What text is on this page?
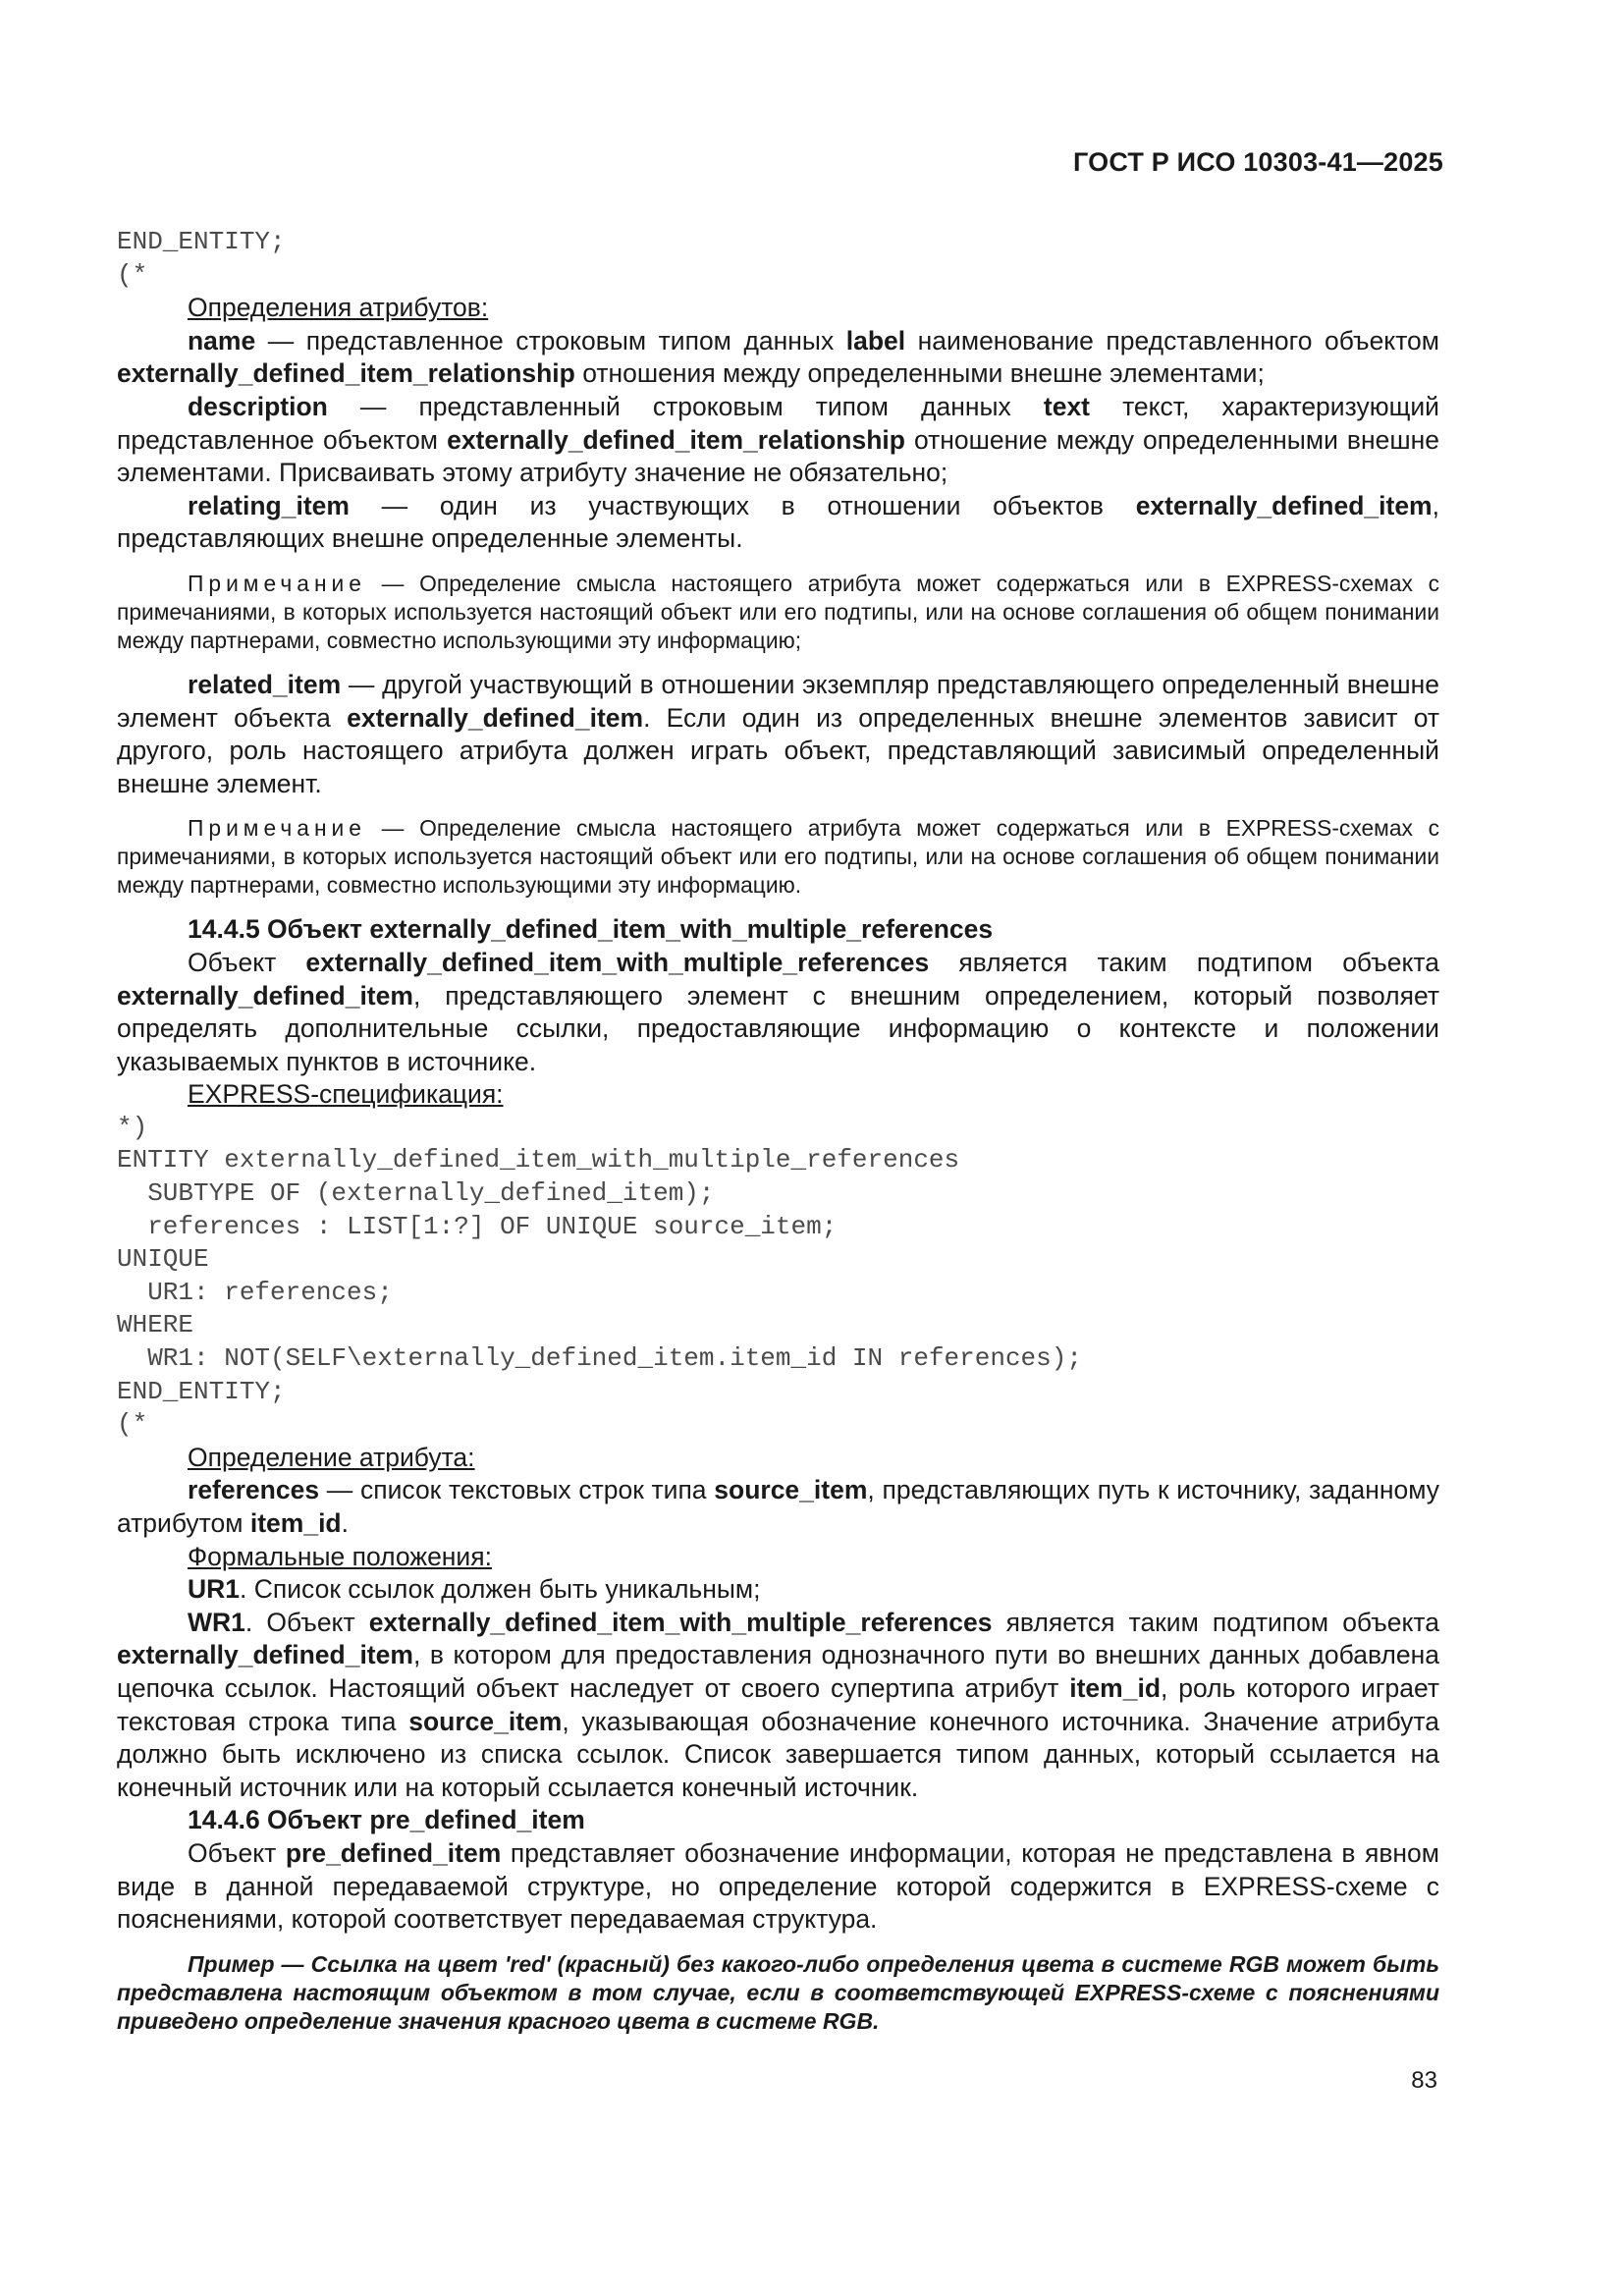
ГОСТ Р ИСО 10303-41—2025
END_ENTITY;
(*

Определения атрибутов:

name — представленное строковым типом данных label наименование представленного объектом externally_defined_item_relationship отношения между определенными внешне элементами;

description — представленный строковым типом данных text текст, характеризующий представленное объектом externally_defined_item_relationship отношение между определенными внешне элементами. Присваивать этому атрибуту значение не обязательно;

relating_item — один из участвующих в отношении объектов externally_defined_item, представляющих внешне определенные элементы.

Примечание — Определение смысла настоящего атрибута может содержаться или в EXPRESS-схемах с примечаниями, в которых используется настоящий объект или его подтипы, или на основе соглашения об общем понимании между партнерами, совместно использующими эту информацию;

related_item — другой участвующий в отношении экземпляр представляющего определенный внешне элемент объекта externally_defined_item. Если один из определенных внешне элементов зависит от другого, роль настоящего атрибута должен играть объект, представляющий зависимый определенный внешне элемент.

Примечание — Определение смысла настоящего атрибута может содержаться или в EXPRESS-схемах с примечаниями, в которых используется настоящий объект или его подтипы, или на основе соглашения об общем понимании между партнерами, совместно использующими эту информацию.

14.4.5 Объект externally_defined_item_with_multiple_references

Объект externally_defined_item_with_multiple_references является таким подтипом объекта externally_defined_item, представляющего элемент с внешним определением, который позволяет определять дополнительные ссылки, предоставляющие информацию о контексте и положении указываемых пунктов в источнике.

EXPRESS-спецификация:

*)
ENTITY externally_defined_item_with_multiple_references
SUBTYPE OF (externally_defined_item);
references : LIST[1:?] OF UNIQUE source_item;
UNIQUE
UR1: references;
WHERE
WR1: NOT(SELF\externally_defined_item.item_id IN references);
END_ENTITY;
(*

Определение атрибута:

references — список текстовых строк типа source_item, представляющих путь к источнику, заданному атрибутом item_id.

Формальные положения:

UR1. Список ссылок должен быть уникальным;

WR1. Объект externally_defined_item_with_multiple_references является таким подтипом объекта externally_defined_item, в котором для предоставления однозначного пути во внешних данных добавлена цепочка ссылок. Настоящий объект наследует от своего супертипа атрибут item_id, роль которого играет текстовая строка типа source_item, указывающая обозначение конечного источника. Значение атрибута должно быть исключено из списка ссылок. Список завершается типом данных, который ссылается на конечный источник или на который ссылается конечный источник.

14.4.6 Объект pre_defined_item

Объект pre_defined_item представляет обозначение информации, которая не представлена в явном виде в данной передаваемой структуре, но определение которой содержится в EXPRESS-схеме с пояснениями, которой соответствует передаваемая структура.

Пример — Ссылка на цвет 'red' (красный) без какого-либо определения цвета в системе RGB может быть представлена настоящим объектом в том случае, если в соответствующей EXPRESS-схеме с пояснениями приведено определение значения красного цвета в системе RGB.

83
